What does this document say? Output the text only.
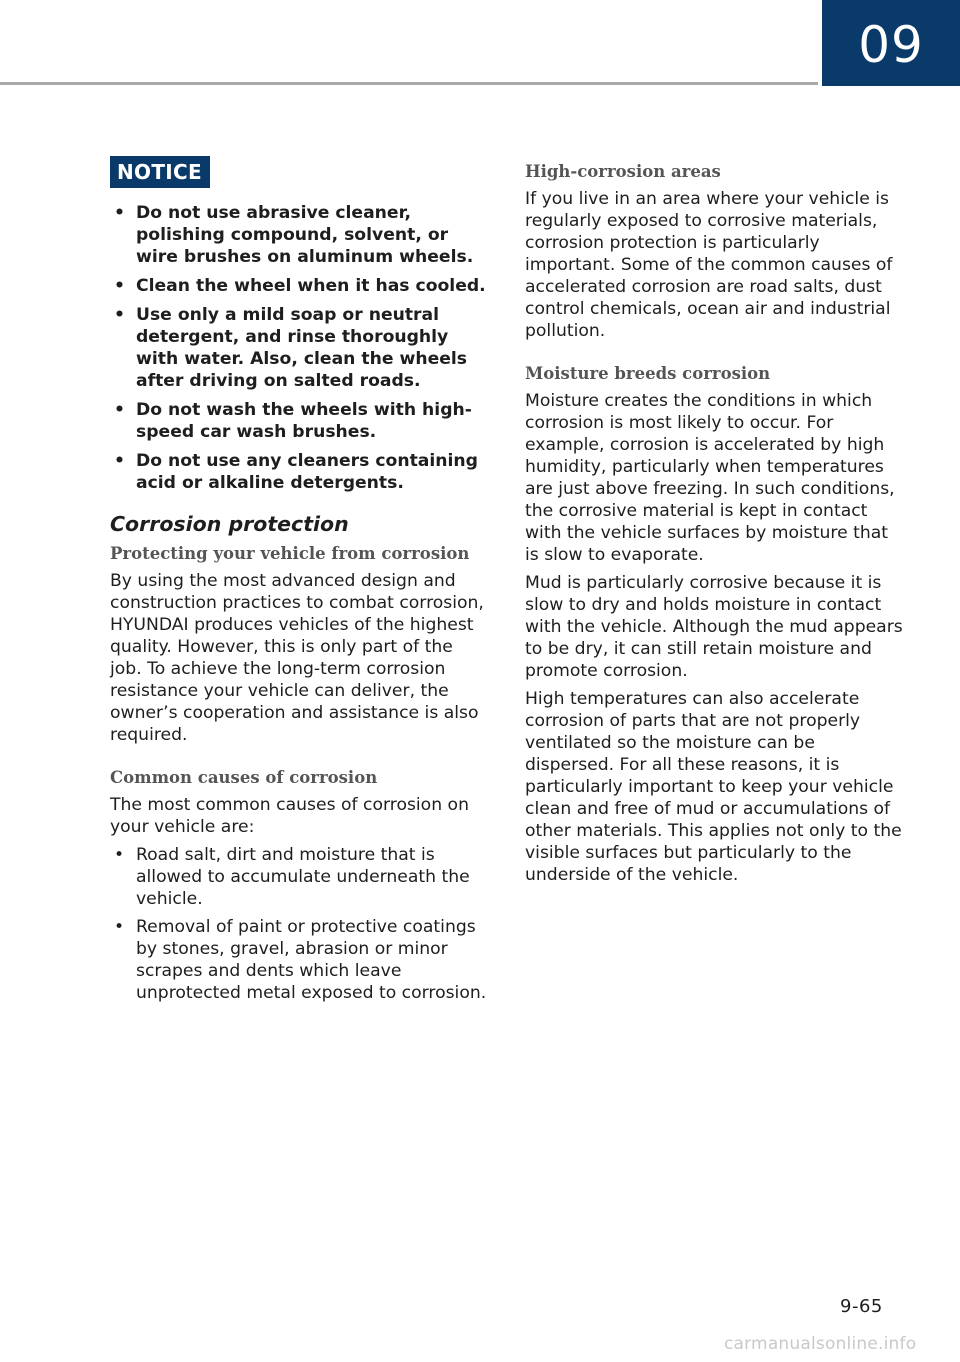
09
NOTICE
• Do not use abrasive cleaner, polishing compound, solvent, or wire brushes on aluminum wheels.
• Clean the wheel when it has cooled.
• Use only a mild soap or neutral detergent, and rinse thoroughly with water. Also, clean the wheels after driving on salted roads.
• Do not wash the wheels with high-speed car wash brushes.
• Do not use any cleaners containing acid or alkaline detergents.
Corrosion protection
Protecting your vehicle from corrosion

By using the most advanced design and construction practices to combat corrosion, HYUNDAI produces vehicles of the highest quality. However, this is only part of the job. To achieve the long-term corrosion resistance your vehicle can deliver, the owner’s cooperation and assistance is also required.

Common causes of corrosion

The most common causes of corrosion on your vehicle are:

• Road salt, dirt and moisture that is allowed to accumulate underneath the vehicle.
• Removal of paint or protective coatings by stones, gravel, abrasion or minor scrapes and dents which leave unprotected metal exposed to corrosion.
High-corrosion areas

If you live in an area where your vehicle is regularly exposed to corrosive materials, corrosion protection is particularly important. Some of the common causes of accelerated corrosion are road salts, dust control chemicals, ocean air and industrial pollution.

Moisture breeds corrosion

Moisture creates the conditions in which corrosion is most likely to occur. For example, corrosion is accelerated by high humidity, particularly when temperatures are just above freezing. In such conditions, the corrosive material is kept in contact with the vehicle surfaces by moisture that is slow to evaporate.

Mud is particularly corrosive because it is slow to dry and holds moisture in contact with the vehicle. Although the mud appears to be dry, it can still retain moisture and promote corrosion.

High temperatures can also accelerate corrosion of parts that are not properly ventilated so the moisture can be dispersed. For all these reasons, it is particularly important to keep your vehicle clean and free of mud or accumulations of other materials. This applies not only to the visible surfaces but particularly to the underside of the vehicle.

9-65
carmanualsonline.info
